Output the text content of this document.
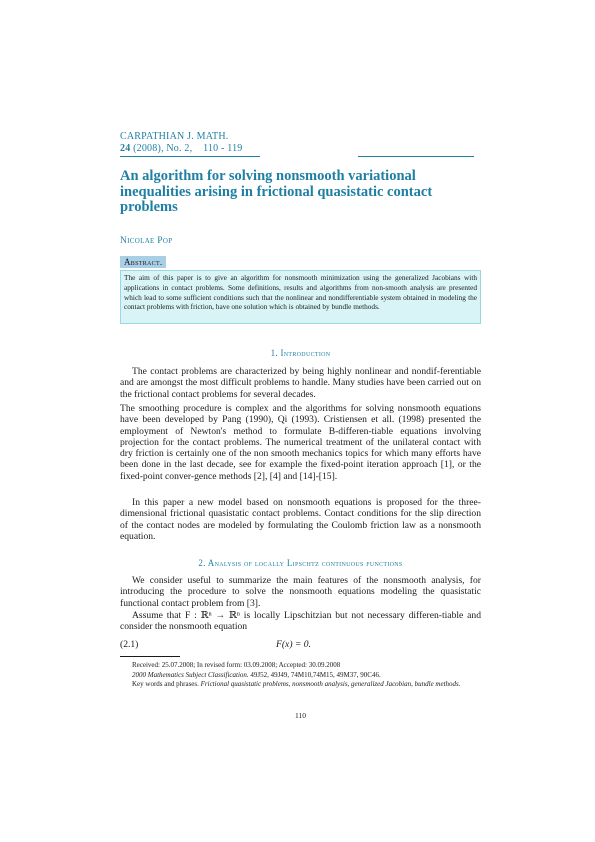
CARPATHIAN J. MATH.
24 (2008), No. 2, 110 - 119
An algorithm for solving nonsmooth variational inequalities arising in frictional quasistatic contact problems
Nicolae Pop
Abstract.
The aim of this paper is to give an algorithm for nonsmooth minimization using the generalized Jacobians with applications in contact problems. Some definitions, results and algorithms from non-smooth analysis are presented which lead to some sufficient conditions such that the nonlinear and nondifferentiable system obtained in modeling the contact problems with friction, have one solution which is obtained by bundle methods.
1. Introduction
The contact problems are characterized by being highly nonlinear and nondif-ferentiable and are amongst the most difficult problems to handle. Many studies have been carried out on the frictional contact problems for several decades.
The smoothing procedure is complex and the algorithms for solving nonsmooth equations have been developed by Pang (1990), Qi (1993). Cristiensen et all. (1998) presented the employment of Newton's method to formulate B-differen-tiable equations involving projection for the contact problems. The numerical treatment of the unilateral contact with dry friction is certainly one of the non smooth mechanics topics for which many efforts have been done in the last decade, see for example the fixed-point iteration approach [1], or the fixed-point conver-gence methods [2], [4] and [14]-[15].
In this paper a new model based on nonsmooth equations is proposed for the three-dimensional frictional quasistatic contact problems. Contact conditions for the slip direction of the contact nodes are modeled by formulating the Coulomb friction law as a nonsmooth equation.
2. Analysis of locally Lipschtz continuous functions
We consider useful to summarize the main features of the nonsmooth analysis, for introducing the procedure to solve the nonsmooth equations modeling the quasistatic functional contact problem from [3].
Assume that F : ℝⁿ → ℝⁿ is locally Lipschitzian but not necessary differen-tiable and consider the nonsmooth equation
(2.1)	F(x) = 0.
Received: 25.07.2008; In revised form: 03.09.2008; Accepted: 30.09.2008
2000 Mathematics Subject Classification. 49J52, 49J49, 74M10,74M15, 49M37, 90C46.
Key words and phrases. Frictional quasistatic problems, nonsmooth analysis, generalized Jacobian, bundle methods.
110
